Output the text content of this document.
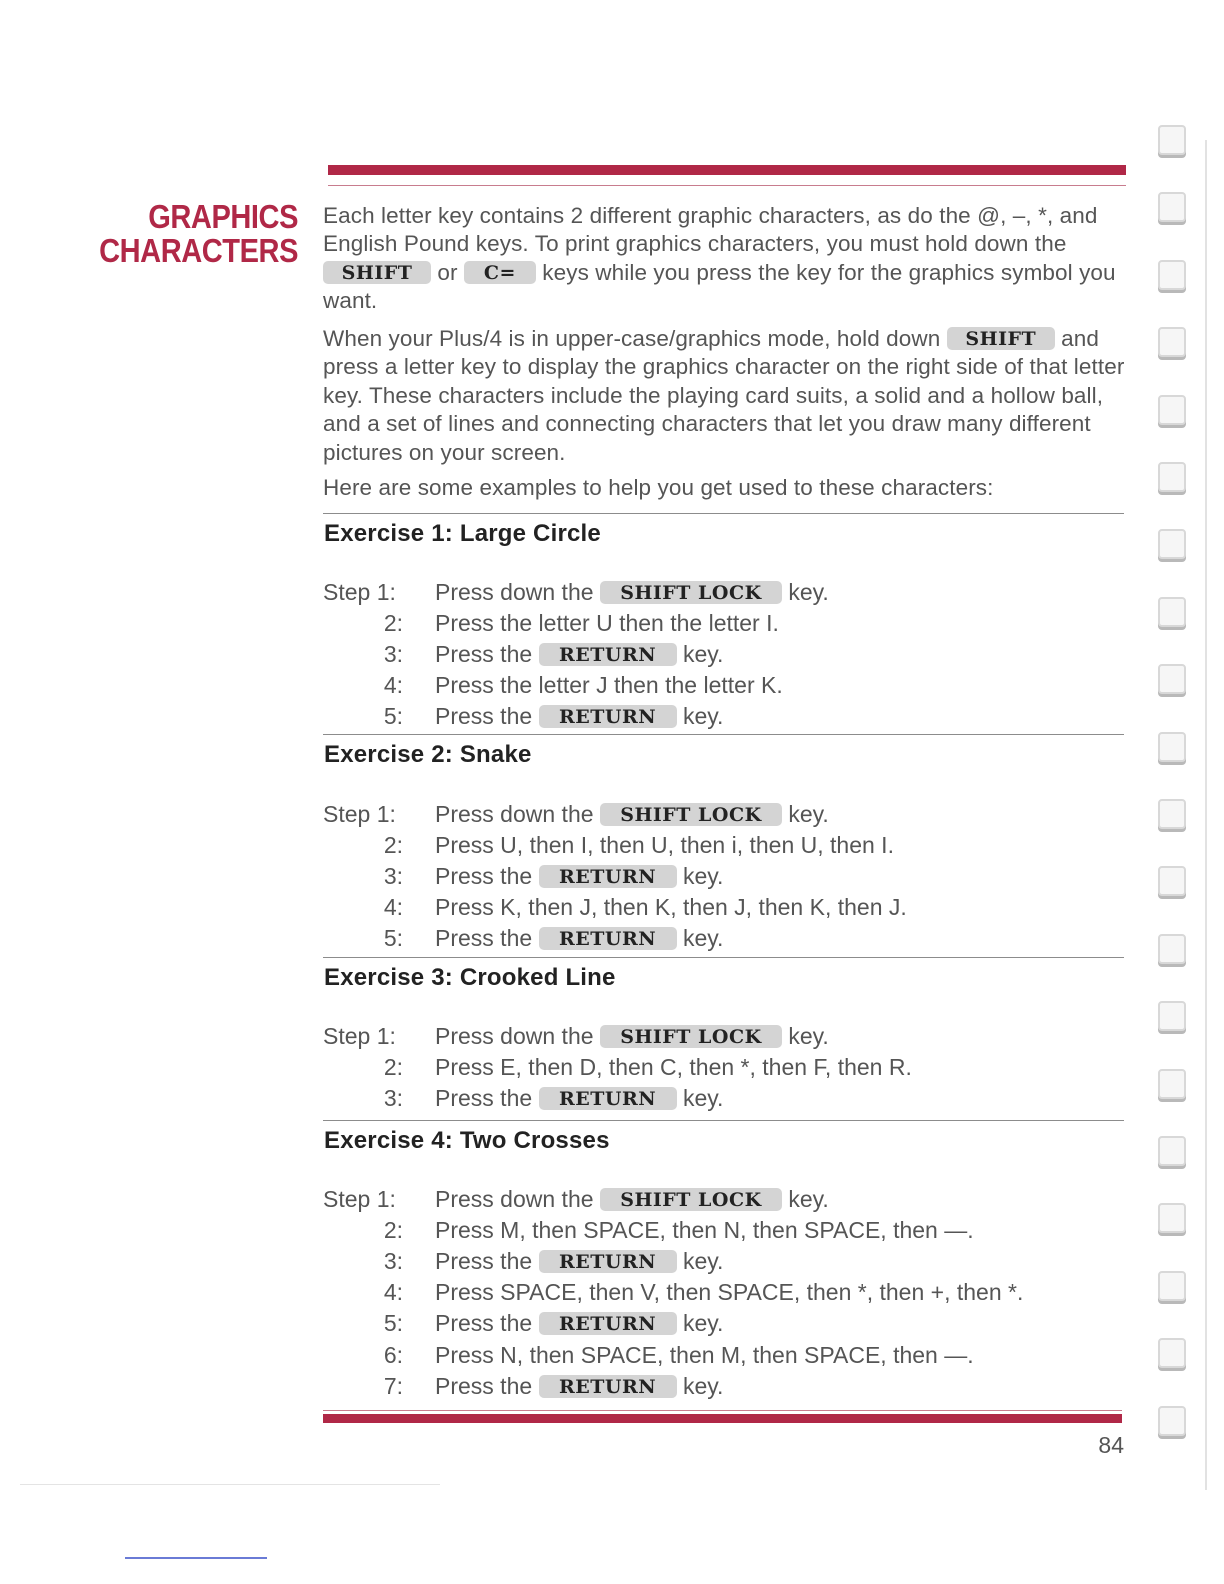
GRAPHICS
CHARACTERS
Each letter key contains 2 different graphic characters, as do the @, –, *, and English Pound keys. To print graphics characters, you must hold down the SHIFT or C= keys while you press the key for the graphics symbol you want.
When your Plus/4 is in upper-case/graphics mode, hold down SHIFT and press a letter key to display the graphics character on the right side of that letter key. These characters include the playing card suits, a solid and a hollow ball, and a set of lines and connecting characters that let you draw many different pictures on your screen.
Here are some examples to help you get used to these characters:
Exercise 1: Large Circle
Step 1:	Press down the SHIFT LOCK key.
2: Press the letter U then the letter I.
3: Press the RETURN key.
4: Press the letter J then the letter K.
5: Press the RETURN key.
Exercise 2: Snake
Step 1:	Press down the SHIFT LOCK key.
2: Press U, then I, then U, then i, then U, then I.
3: Press the RETURN key.
4: Press K, then J, then K, then J, then K, then J.
5: Press the RETURN key.
Exercise 3: Crooked Line
Step 1:	Press down the SHIFT LOCK key.
2: Press E, then D, then C, then *, then F, then R.
3: Press the RETURN key.
Exercise 4: Two Crosses
Step 1:	Press down the SHIFT LOCK key.
2: Press M, then SPACE, then N, then SPACE, then —.
3: Press the RETURN key.
4: Press SPACE, then V, then SPACE, then *, then +, then *.
5: Press the RETURN key.
6: Press N, then SPACE, then M, then SPACE, then —.
7: Press the RETURN key.
84
